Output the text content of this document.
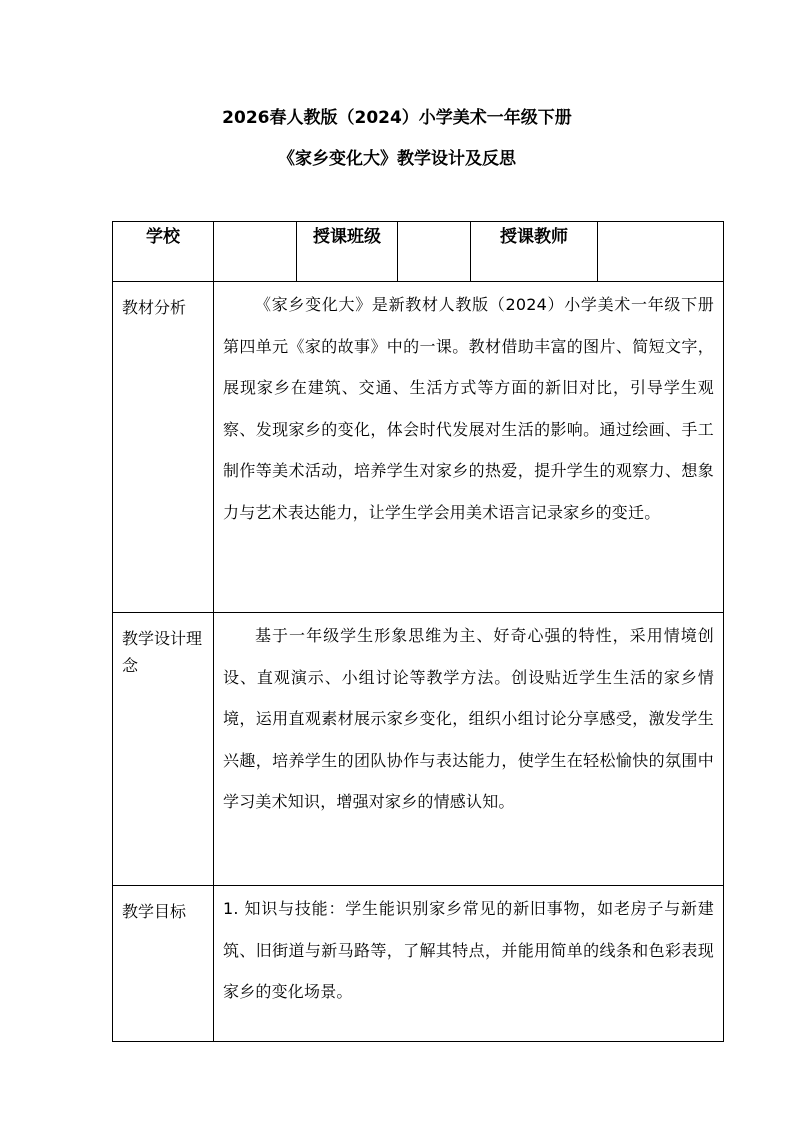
2026春人教版（2024）小学美术一年级下册
《家乡变化大》教学设计及反思
学校		授课班级		授课教师	
教材分析	《家乡变化大》是新教材人教版（2024）小学美术一年级下册第四单元《家的故事》中的一课。教材借助丰富的图片、简短文字，展现家乡在建筑、交通、生活方式等方面的新旧对比，引导学生观察、发现家乡的变化，体会时代发展对生活的影响。通过绘画、手工制作等美术活动，培养学生对家乡的热爱，提升学生的观察力、想象力与艺术表达能力，让学生学会用美术语言记录家乡的变迁。				

教学设计理念	基于一年级学生形象思维为主、好奇心强的特性，采用情境创设、直观演示、小组讨论等教学方法。创设贴近学生生活的家乡情境，运用直观素材展示家乡变化，组织小组讨论分享感受，激发学生兴趣，培养学生的团队协作与表达能力，使学生在轻松愉快的氛围中学习美术知识，增强对家乡的情感认知。				

教学目标	1. 知识与技能：学生能识别家乡常见的新旧事物，如老房子与新建筑、旧街道与新马路等，了解其特点，并能用简单的线条和色彩表现家乡的变化场景。				
